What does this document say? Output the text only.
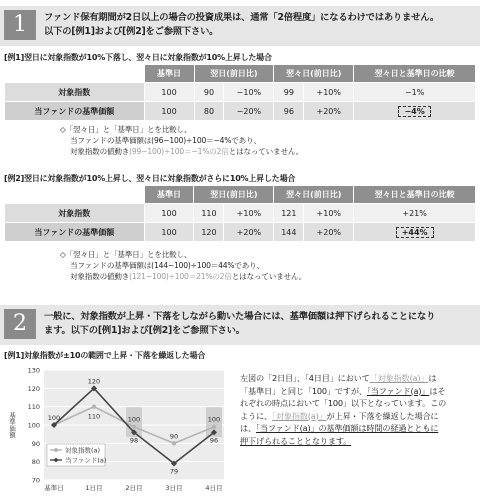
1	ファンド保有期間が2日以上の場合の投資成果は、通常「2倍程度」になるわけではありません。
以下の[例1]および[例2]をご参照下さい。
[例1]翌日に対象指数が10%下落し、翌々日に対象指数が10%上昇した場合
	基準日	翌日(前日比)		翌々日(前日比)		翌々日と基準日の比較
対象指数	100	90	−10%	99	+10%	−1%
当ファンドの基準価額	100	80	−20%	96	+20%	−4%
◇「翌々日」と「基準日」とを比較し、
当ファンドの基準価額は(96−100)÷100＝−4%であり、
対象指数の値動き(99−100)÷100＝−1%の2倍とはなっていません。
[例2]翌日に対象指数が10%上昇し、翌々日に対象指数がさらに10%上昇した場合
	基準日	翌日(前日比)		翌々日(前日比)		翌々日と基準日の比較
対象指数	100	110	+10%	121	+10%	+21%
当ファンドの基準価額	100	120	+20%	144	+20%	+44%
◇「翌々日」と「基準日」とを比較し、
当ファンドの基準価額は(144−100)÷100＝44%であり、
対象指数の値動き(121−100)÷100＝21%の2倍とはなっていません。
2	一般に、対象指数が上昇・下落をしながら動いた場合には、基準価額は押下げられることになり
ます。以下の[例1]および[例2]をご参照下さい。
[例1]対象指数が±10の範囲で上昇・下落を繰返した場合
70
80
90
100
110
120
130
基準価額
基準日	1日目	2日目	3日目	4日目
100	100
110
90
100
120
98
79
96
対象指数(a)
当ファンド(a)
左図の「2日目」、「4日目」において「対象指数(a)」は
「基準日」と同じ「100」ですが、「当ファンド(a)」はそ
れぞれの時点において「100」以下となっています。この
ように、「対象指数(a)」が上昇・下落を繰返した場合に
は、「当ファンド(a)」の基準価額は時間の経過とともに
押下げられることとなります。
